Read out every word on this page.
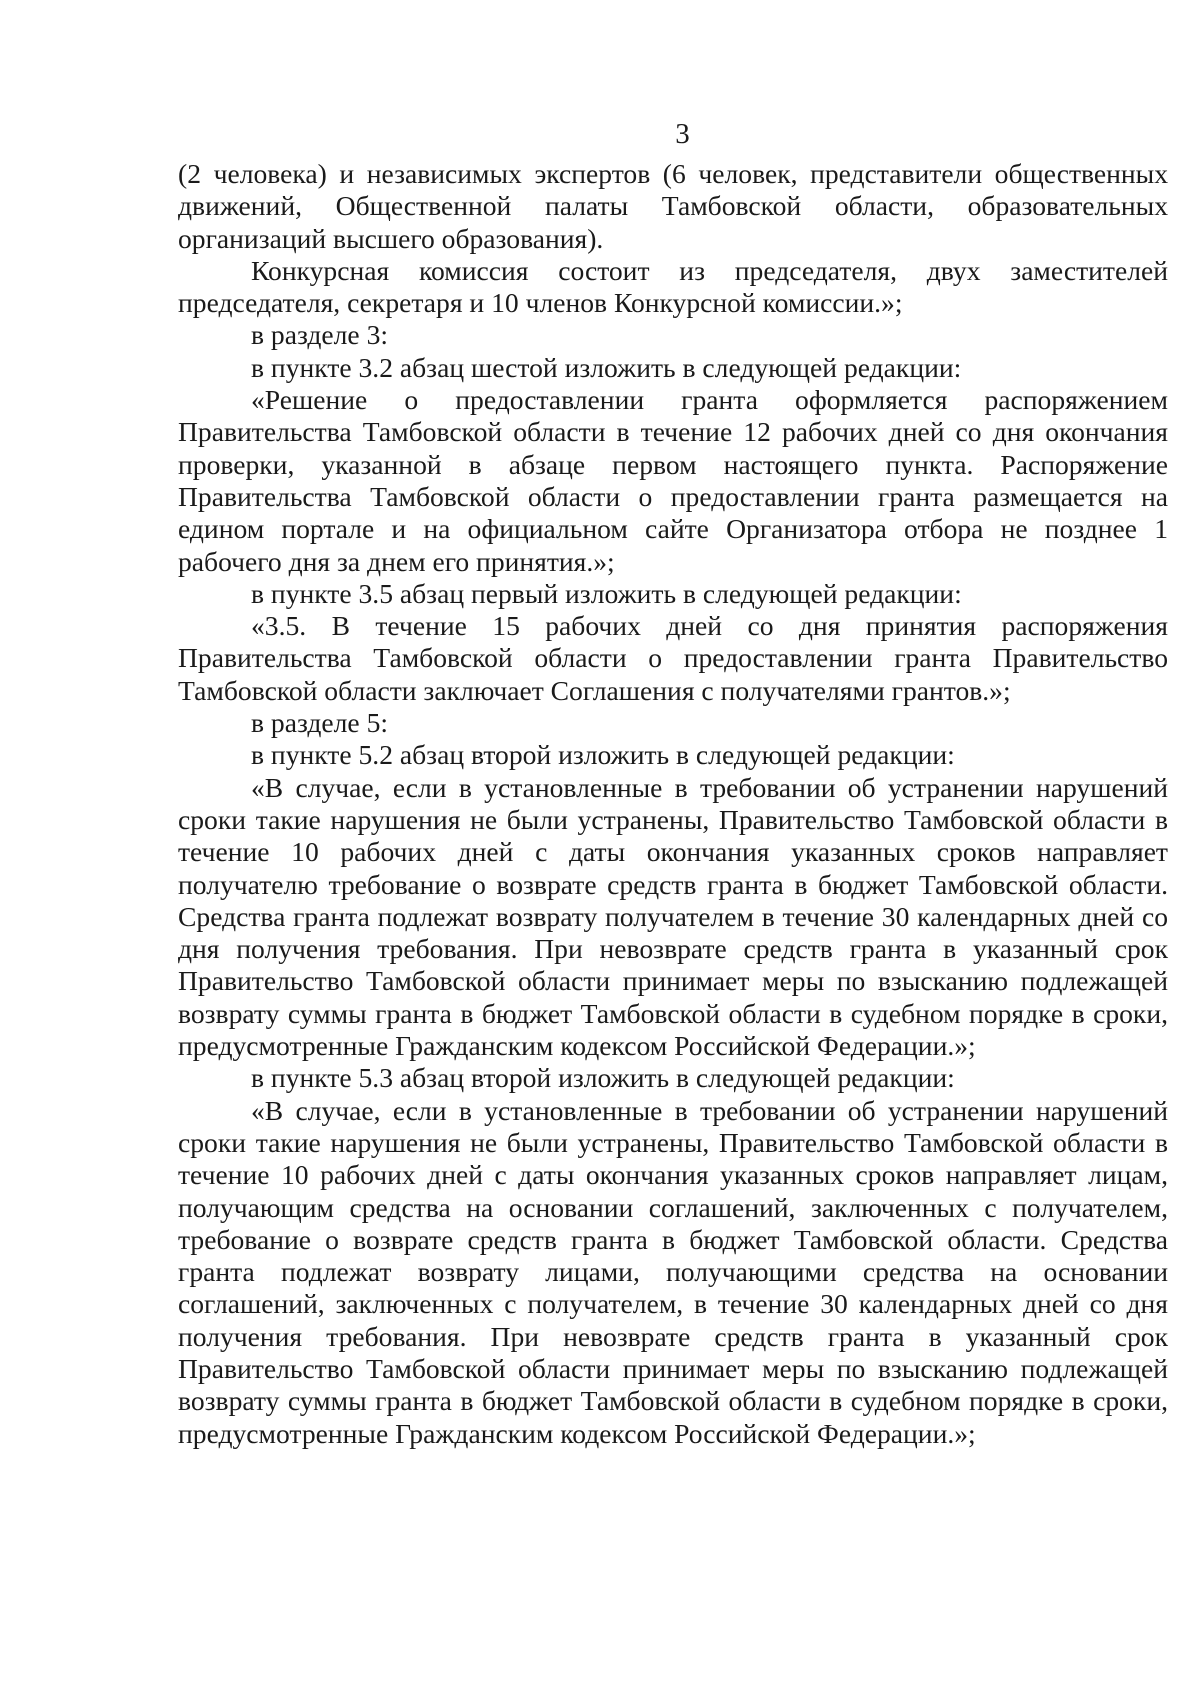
3

(2 человека) и независимых экспертов (6 человек, представители общественных движений, Общественной палаты Тамбовской области, образовательных организаций высшего образования).

Конкурсная комиссия состоит из председателя, двух заместителей председателя, секретаря и 10 членов Конкурсной комиссии.»;

в разделе 3:

в пункте 3.2 абзац шестой изложить в следующей редакции:

«Решение о предоставлении гранта оформляется распоряжением Правительства Тамбовской области в течение 12 рабочих дней со дня окончания проверки, указанной в абзаце первом настоящего пункта. Распоряжение Правительства Тамбовской области о предоставлении гранта размещается на едином портале и на официальном сайте Организатора отбора не позднее 1 рабочего дня за днем его принятия.»;

в пункте 3.5 абзац первый изложить в следующей редакции:

«3.5. В течение 15 рабочих дней со дня принятия распоряжения Правительства Тамбовской области о предоставлении гранта Правительство Тамбовской области заключает Соглашения с получателями грантов.»;

в разделе 5:

в пункте 5.2 абзац второй изложить в следующей редакции:

«В случае, если в установленные в требовании об устранении нарушений сроки такие нарушения не были устранены, Правительство Тамбовской области в течение 10 рабочих дней с даты окончания указанных сроков направляет получателю требование о возврате средств гранта в бюджет Тамбовской области. Средства гранта подлежат возврату получателем в течение 30 календарных дней со дня получения требования. При невозврате средств гранта в указанный срок Правительство Тамбовской области принимает меры по взысканию подлежащей возврату суммы гранта в бюджет Тамбовской области в судебном порядке в сроки, предусмотренные Гражданским кодексом Российской Федерации.»;

в пункте 5.3 абзац второй изложить в следующей редакции:

«В случае, если в установленные в требовании об устранении нарушений сроки такие нарушения не были устранены, Правительство Тамбовской области в течение 10 рабочих дней с даты окончания указанных сроков направляет лицам, получающим средства на основании соглашений, заключенных с получателем, требование о возврате средств гранта в бюджет Тамбовской области. Средства гранта подлежат возврату лицами, получающими средства на основании соглашений, заключенных с получателем, в течение 30 календарных дней со дня получения требования. При невозврате средств гранта в указанный срок Правительство Тамбовской области принимает меры по взысканию подлежащей возврату суммы гранта в бюджет Тамбовской области в судебном порядке в сроки, предусмотренные Гражданским кодексом Российской Федерации.»;
